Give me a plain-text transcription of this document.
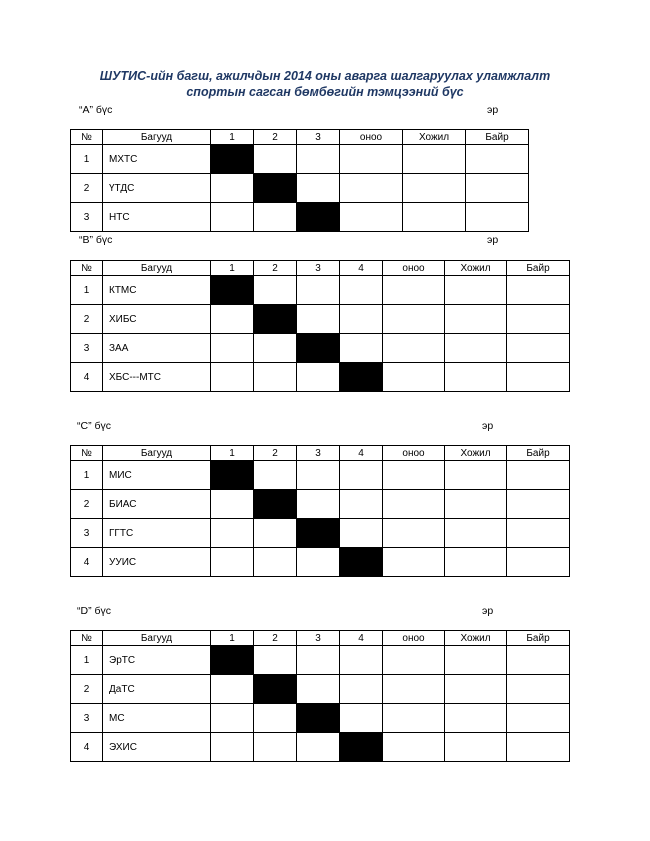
ШУТИС-ийн багш, ажилчдын 2014 оны аварга шалгаруулах уламжлалт
спортын сагсан бөмбөгийн тэмцээний бүс
“A” бүс	эр
№	Багууд	1	2	3	оноо	Хожил	Байр
1	МХТС						
2	ҮТДС						
3	НТС						
“B” бүс	эр
№	Багууд	1	2	3	4	оноо	Хожил	Байр
1	КТМС							
2	ХИБС							
3	ЗАА							
4	ХБС---МТС							
“C” бүс	эр
№	Багууд	1	2	3	4	оноо	Хожил	Байр
1	МИС							
2	БИАС							
3	ГГТС							
4	УУИС							
“D” бүс	эр
№	Багууд	1	2	3	4	оноо	Хожил	Байр
1	ЭрТС							
2	ДаТС							
3	МС							
4	ЭХИС							
